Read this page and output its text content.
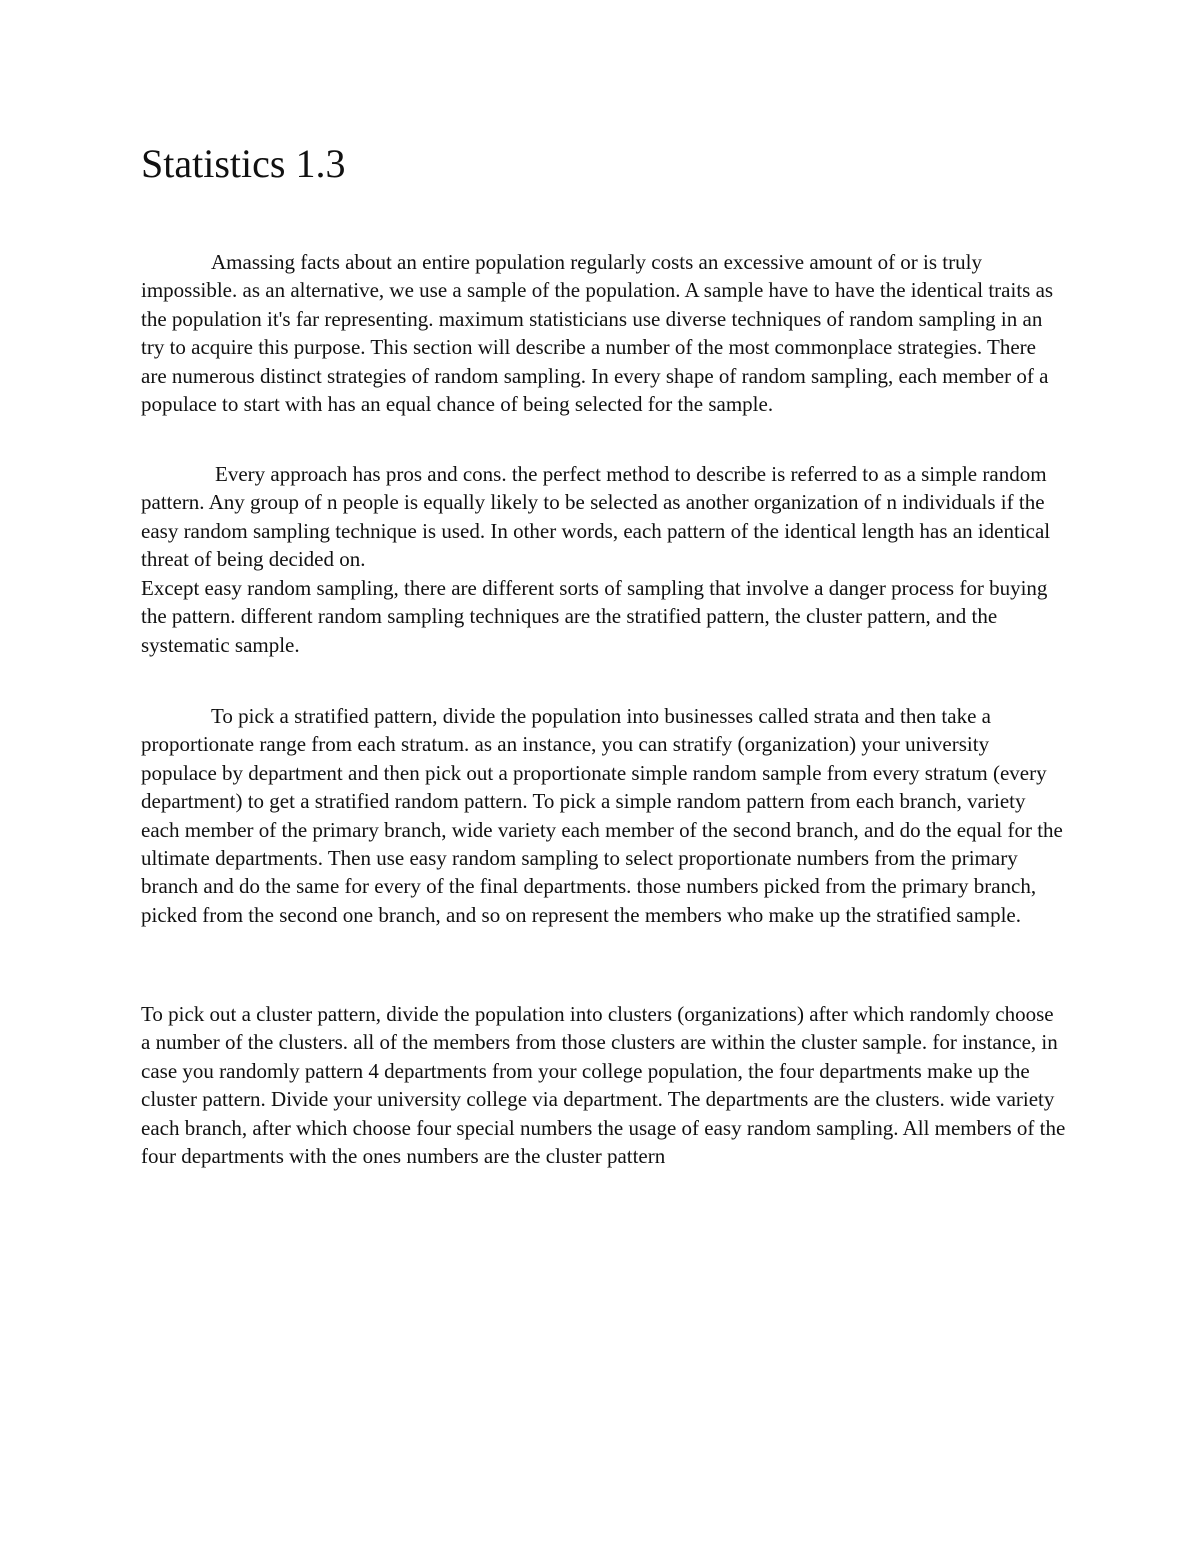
Statistics 1.3

Amassing facts about an entire population regularly costs an excessive amount of or is truly impossible. as an alternative, we use a sample of the population. A sample have to have the identical traits as the population it's far representing. maximum statisticians use diverse techniques of random sampling in an try to acquire this purpose. This section will describe a number of the most commonplace strategies. There are numerous distinct strategies of random sampling. In every shape of random sampling, each member of a populace to start with has an equal chance of being selected for the sample.

Every approach has pros and cons. the perfect method to describe is referred to as a simple random pattern. Any group of n people is equally likely to be selected as another organization of n individuals if the easy random sampling technique is used. In other words, each pattern of the identical length has an identical threat of being decided on.

Except easy random sampling, there are different sorts of sampling that involve a danger process for buying the pattern. different random sampling techniques are the stratified pattern, the cluster pattern, and the systematic sample.

To pick a stratified pattern, divide the population into businesses called strata and then take a proportionate range from each stratum. as an instance, you can stratify (organization) your university populace by department and then pick out a proportionate simple random sample from every stratum (every department) to get a stratified random pattern. To pick a simple random pattern from each branch, variety each member of the primary branch, wide variety each member of the second branch, and do the equal for the ultimate departments. Then use easy random sampling to select proportionate numbers from the primary branch and do the same for every of the final departments. those numbers picked from the primary branch, picked from the second one branch, and so on represent the members who make up the stratified sample.

To pick out a cluster pattern, divide the population into clusters (organizations) after which randomly choose a number of the clusters. all of the members from those clusters are within the cluster sample. for instance, in case you randomly pattern 4 departments from your college population, the four departments make up the cluster pattern. Divide your university college via department. The departments are the clusters. wide variety each branch, after which choose four special numbers the usage of easy random sampling. All members of the four departments with the ones numbers are the cluster pattern
